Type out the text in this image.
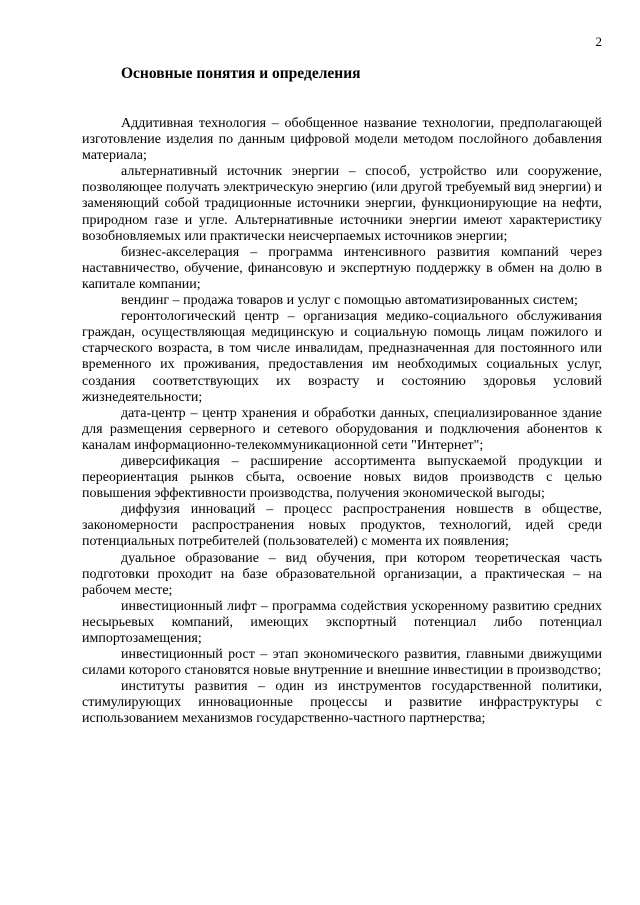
2
Основные понятия и определения

Аддитивная технология – обобщенное название технологии, предполагающей изготовление изделия по данным цифровой модели методом послойного добавления материала;

альтернативный источник энергии – способ, устройство или сооружение, позволяющее получать электрическую энергию (или другой требуемый вид энергии) и заменяющий собой традиционные источники энергии, функционирующие на нефти, природном газе и угле. Альтернативные источники энергии имеют характеристику возобновляемых или практически неисчерпаемых источников энергии;

бизнес-акселерация – программа интенсивного развития компаний через наставничество, обучение, финансовую и экспертную поддержку в обмен на долю в капитале компании;

вендинг – продажа товаров и услуг с помощью автоматизированных систем;

геронтологический центр – организация медико-социального обслуживания граждан, осуществляющая медицинскую и социальную помощь лицам пожилого и старческого возраста, в том числе инвалидам, предназначенная для постоянного или временного их проживания, предоставления им необходимых социальных услуг, создания соответствующих их возрасту и состоянию здоровья условий жизнедеятельности;

дата-центр – центр хранения и обработки данных, специализированное здание для размещения серверного и сетевого оборудования и подключения абонентов к каналам информационно-телекоммуникационной сети "Интернет";

диверсификация – расширение ассортимента выпускаемой продукции и переориентация рынков сбыта, освоение новых видов производств с целью повышения эффективности производства, получения экономической выгоды;

диффузия инноваций – процесс распространения новшеств в обществе, закономерности распространения новых продуктов, технологий, идей среди потенциальных потребителей (пользователей) с момента их появления;

дуальное образование – вид обучения, при котором теоретическая часть подготовки проходит на базе образовательной организации, а практическая – на рабочем месте;

инвестиционный лифт – программа содействия ускоренному развитию средних несырьевых компаний, имеющих экспортный потенциал либо потенциал импортозамещения;

инвестиционный рост – этап экономического развития, главными движущими силами которого становятся новые внутренние и внешние инвестиции в производство;

институты развития – один из инструментов государственной политики, стимулирующих инновационные процессы и развитие инфраструктуры с использованием механизмов государственно-частного партнерства;
